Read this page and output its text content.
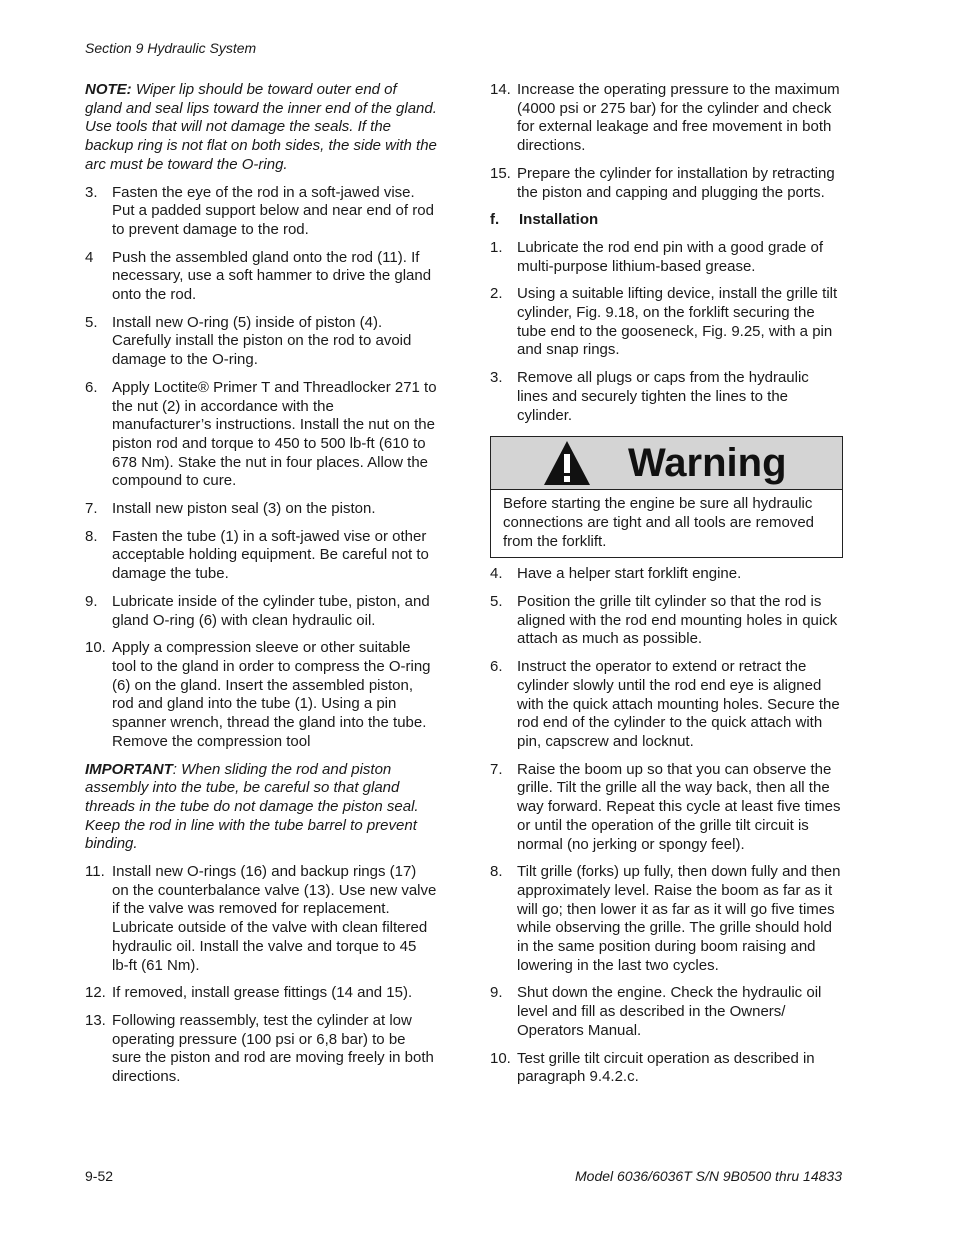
Section 9 Hydraulic System

NOTE: Wiper lip should be toward outer end of gland and seal lips toward the inner end of the gland. Use tools that will not damage the seals. If the backup ring is not flat on both sides, the side with the arc must be toward the O-ring.

3. Fasten the eye of the rod in a soft-jawed vise. Put a padded support below and near end of rod to prevent damage to the rod.
4	Push the assembled gland onto the rod (11). If necessary, use a soft hammer to drive the gland onto the rod.
5. Install new O-ring (5) inside of piston (4). Carefully install the piston on the rod to avoid damage to the O-ring.
6. Apply Loctite® Primer T and Threadlocker 271 to the nut (2) in accordance with the manufacturer’s instructions. Install the nut on the piston rod and torque to 450 to 500 lb-ft (610 to 678 Nm). Stake the nut in four places. Allow the compound to cure.
7. Install new piston seal (3) on the piston.
8. Fasten the tube (1) in a soft-jawed vise or other acceptable holding equipment. Be careful not to damage the tube.
9. Lubricate inside of the cylinder tube, piston, and gland O-ring (6) with clean hydraulic oil.
10. Apply a compression sleeve or other suitable tool to the gland in order to compress the O-ring (6) on the gland. Insert the assembled piston, rod and gland into the tube (1). Using a pin spanner wrench, thread the gland into the tube. Remove the compression tool

IMPORTANT: When sliding the rod and piston assembly into the tube, be careful so that gland threads in the tube do not damage the piston seal. Keep the rod in line with the tube barrel to prevent binding.

11. Install new O-rings (16) and backup rings (17) on the counterbalance valve (13). Use new valve if the valve was removed for replacement. Lubricate outside of the valve with clean filtered hydraulic oil. Install the valve and torque to 45 lb-ft (61 Nm).
12. If removed, install grease fittings (14 and 15).
13. Following reassembly, test the cylinder at low operating pressure (100 psi or 6,8 bar) to be sure the piston and rod are moving freely in both directions.
14. Increase the operating pressure to the maximum (4000 psi or 275 bar) for the cylinder and check for external leakage and free movement in both directions.
15. Prepare the cylinder for installation by retracting the piston and capping and plugging the ports.
f.	Installation
1. Lubricate the rod end pin with a good grade of multi-purpose lithium-based grease.
2. Using a suitable lifting device, install the grille tilt cylinder, Fig. 9.18, on the forklift securing the tube end to the gooseneck, Fig. 9.25, with a pin and snap rings.
3. Remove all plugs or caps from the hydraulic lines and securely tighten the lines to the cylinder.
Warning
Before starting the engine be sure all hydraulic connections are tight and all tools are removed from the forklift.
4. Have a helper start forklift engine.
5. Position the grille tilt cylinder so that the rod is aligned with the rod end mounting holes in quick attach as much as possible.
6. Instruct the operator to extend or retract the cylinder slowly until the rod end eye is aligned with the quick attach mounting holes. Secure the rod end of the cylinder to the quick attach with pin, capscrew and locknut.
7. Raise the boom up so that you can observe the grille. Tilt the grille all the way back, then all the way forward. Repeat this cycle at least five times or until the operation of the grille tilt circuit is normal (no jerking or spongy feel).
8. Tilt grille (forks) up fully, then down fully and then approximately level. Raise the boom as far as it will go; then lower it as far as it will go five times while observing the grille. The grille should hold in the same position during boom raising and lowering in the last two cycles.
9. Shut down the engine. Check the hydraulic oil level and fill as described in the Owners/ Operators Manual.
10. Test grille tilt circuit operation as described in paragraph 9.4.2.c.
9-52	Model 6036/6036T S/N 9B0500 thru 14833
